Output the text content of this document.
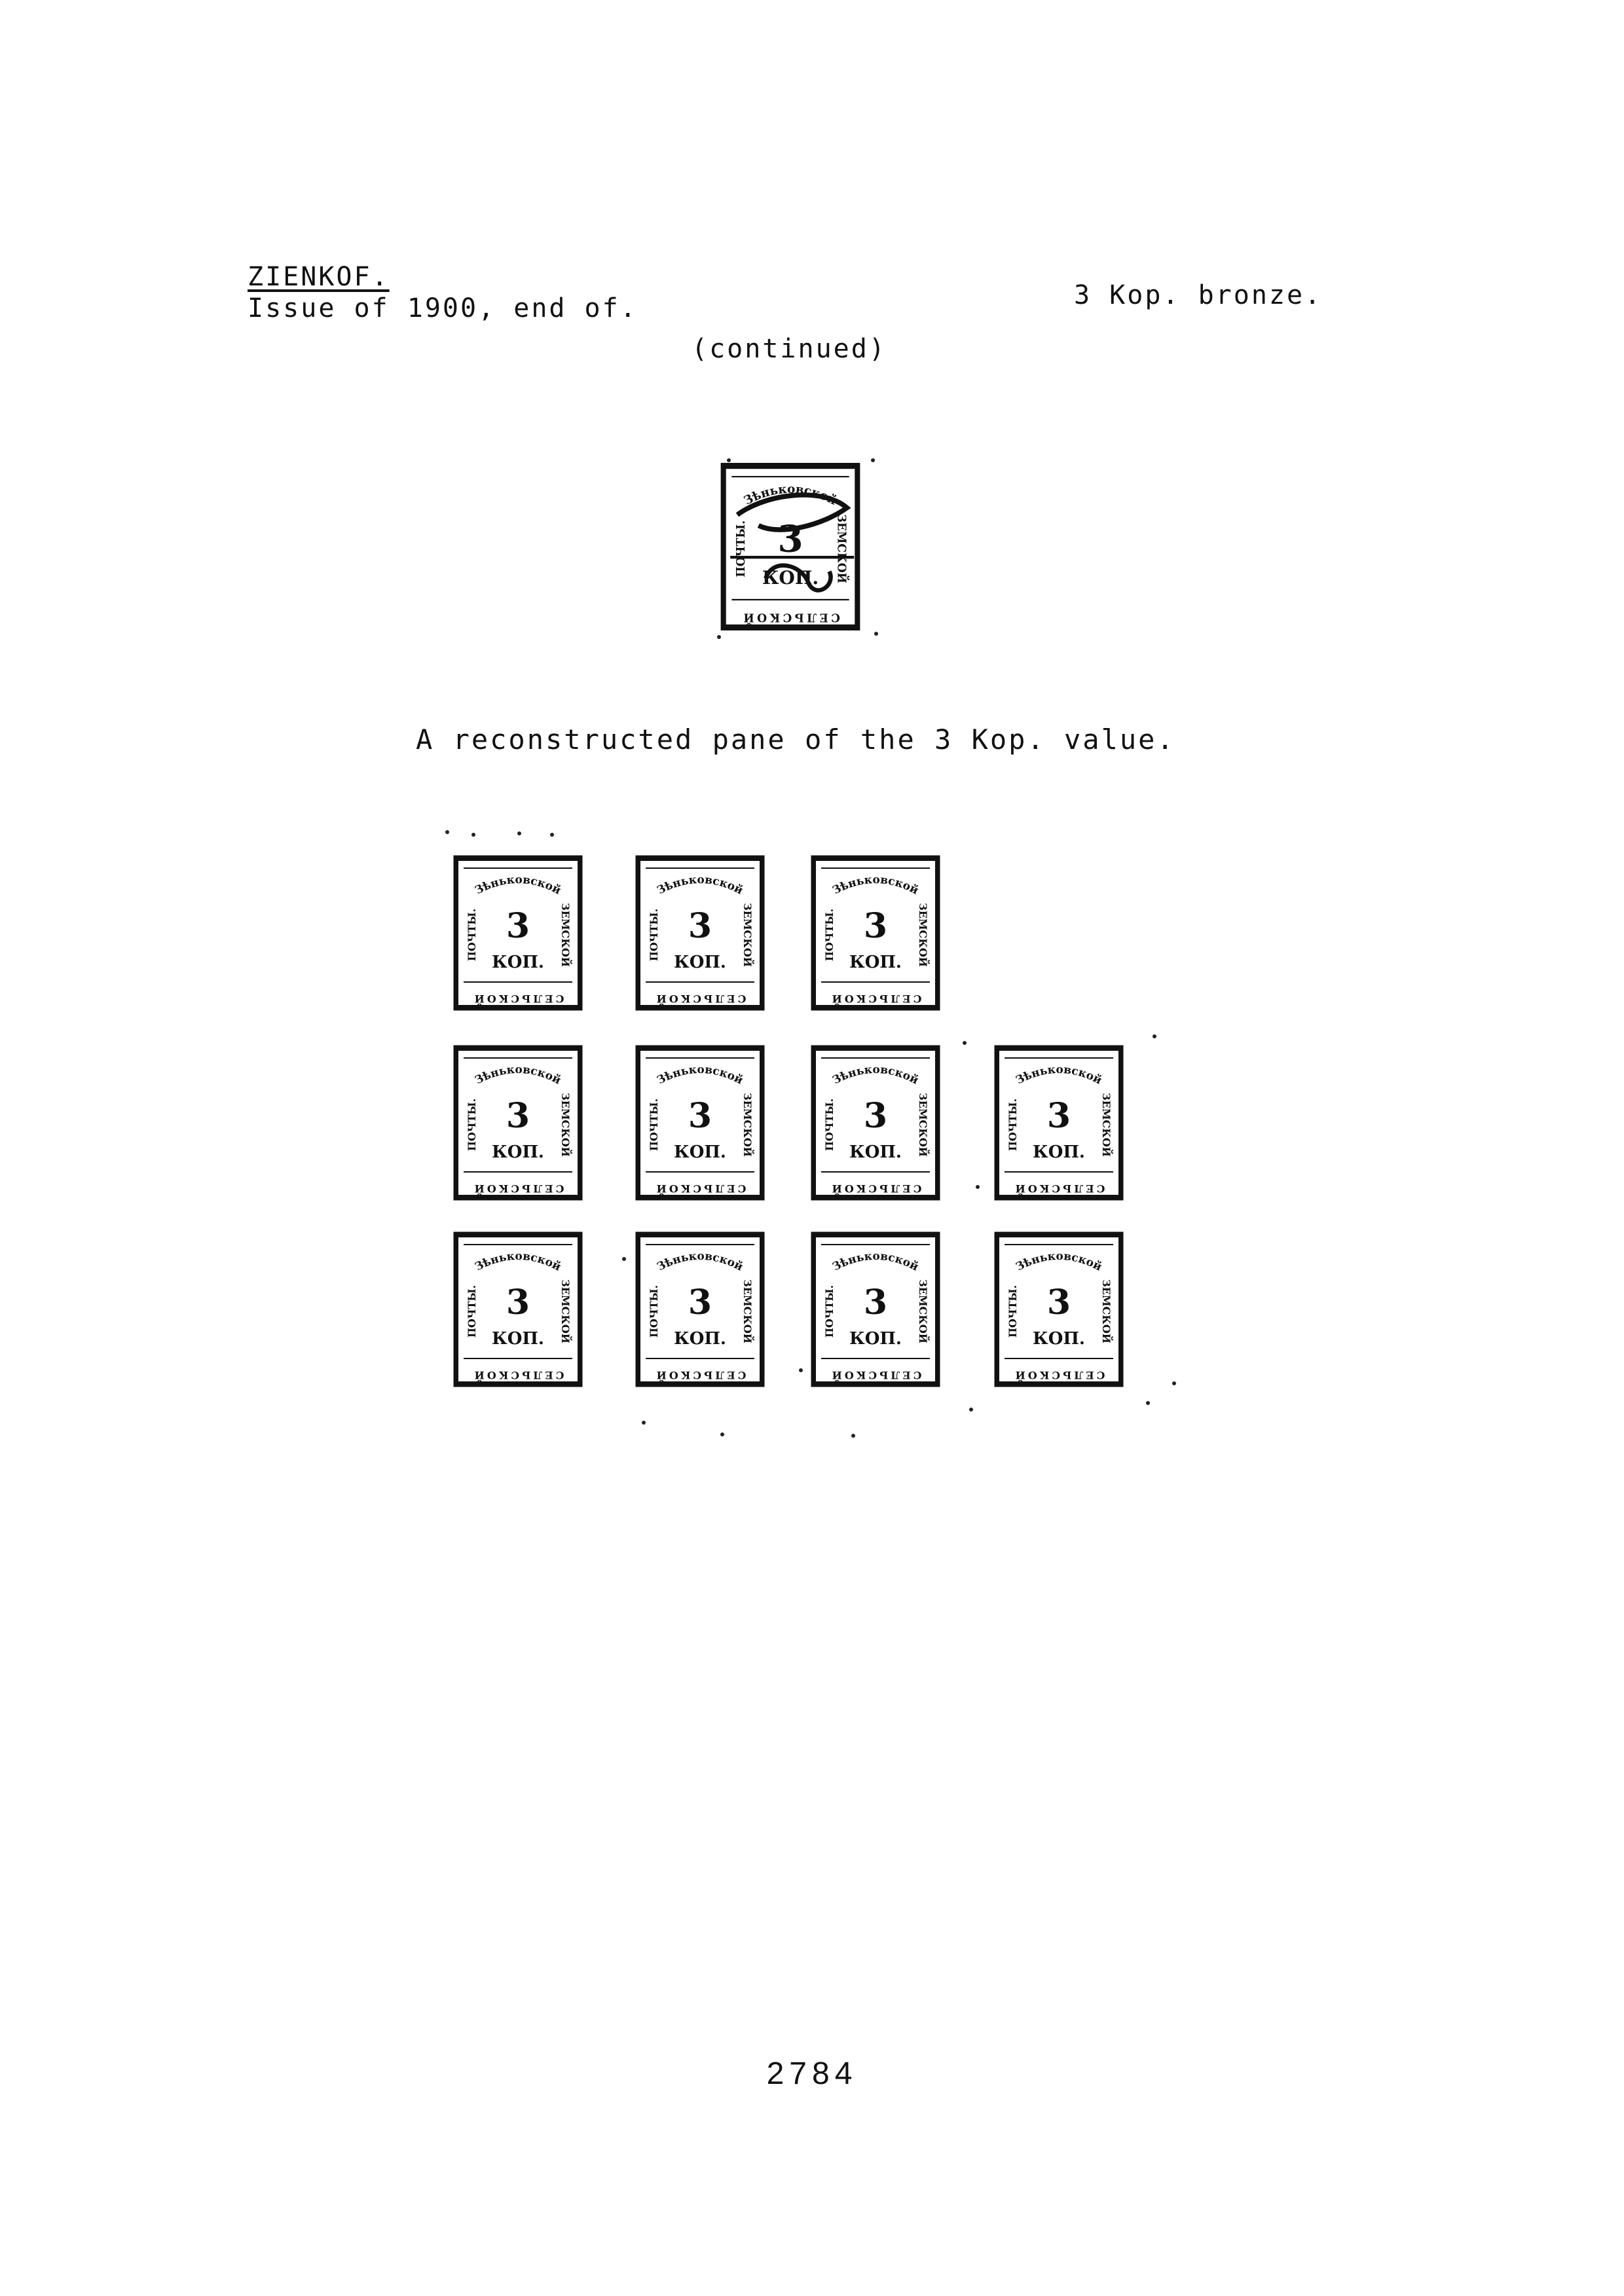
ZIENKOF.
Issue of 1900, end of.	3 Kop. bronze.
(continued)
Зѣньковской
3
КОП.
ПОЧТЫ.	ЗЕМСКОЙ
СЕЛЬСКОЙ
A reconstructed pane of the 3 Kop. value.
Зѣньковской
3
КОП.
ПОЧТЫ.	ЗЕМСКОЙ
СЕЛЬСКОЙ
Зѣньковской
3
КОП.
ПОЧТЫ.	ЗЕМСКОЙ
СЕЛЬСКОЙ
Зѣньковской
3
КОП.
ПОЧТЫ.	ЗЕМСКОЙ
СЕЛЬСКОЙ
Зѣньковской
3
КОП.
ПОЧТЫ.	ЗЕМСКОЙ
СЕЛЬСКОЙ
Зѣньковской
3
КОП.
ПОЧТЫ.	ЗЕМСКОЙ
СЕЛЬСКОЙ
Зѣньковской
3
КОП.
ПОЧТЫ.	ЗЕМСКОЙ
СЕЛЬСКОЙ
Зѣньковской
3
КОП.
ПОЧТЫ.	ЗЕМСКОЙ
СЕЛЬСКОЙ
Зѣньковской
3
КОП.
ПОЧТЫ.	ЗЕМСКОЙ
СЕЛЬСКОЙ
Зѣньковской
3
КОП.
ПОЧТЫ.	ЗЕМСКОЙ
СЕЛЬСКОЙ
Зѣньковской
3
КОП.
ПОЧТЫ.	ЗЕМСКОЙ
СЕЛЬСКОЙ
Зѣньковской
3
КОП.
ПОЧТЫ.	ЗЕМСКОЙ
СЕЛЬСКОЙ
2784
